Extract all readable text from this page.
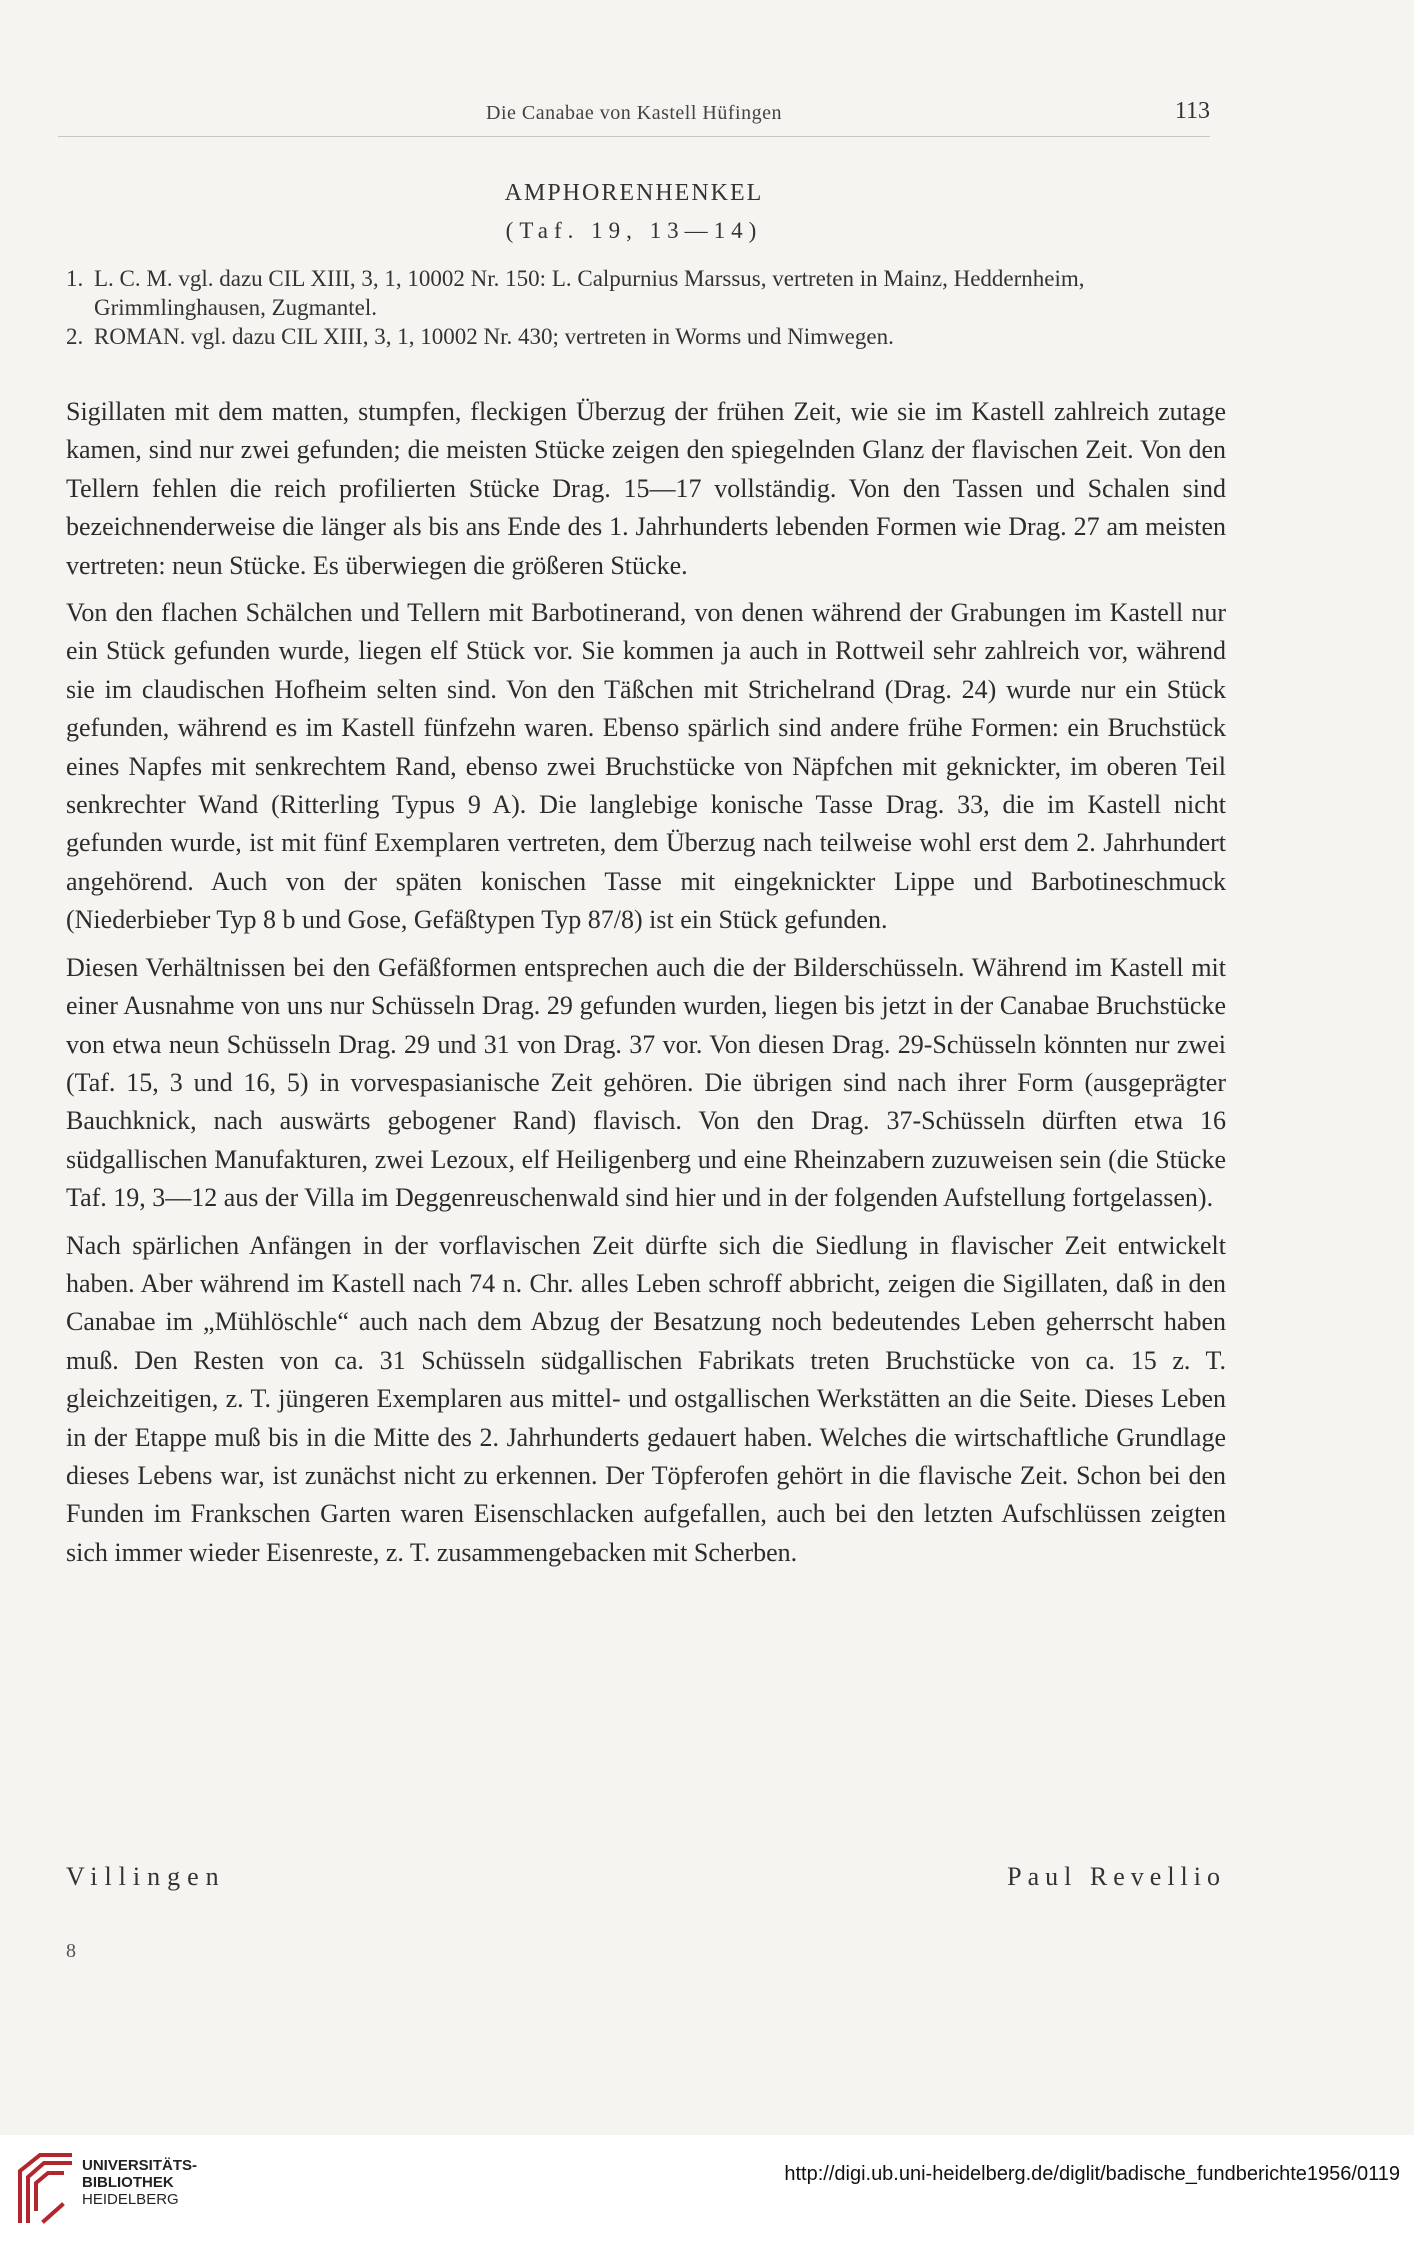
Die Canabae von Kastell Hüfingen	113
AMPHORENHENKEL
(Taf. 19, 13—14)

1. L. C. M. vgl. dazu CIL XIII, 3, 1, 10002 Nr. 150: L. Calpurnius Marssus, vertreten in Mainz, Heddernheim, Grimmlinghausen, Zugmantel.

2. ROMAN. vgl. dazu CIL XIII, 3, 1, 10002 Nr. 430; vertreten in Worms und Nimwegen.

Sigillaten mit dem matten, stumpfen, fleckigen Überzug der frühen Zeit, wie sie im Kastell zahlreich zutage kamen, sind nur zwei gefunden; die meisten Stücke zeigen den spiegelnden Glanz der flavischen Zeit. Von den Tellern fehlen die reich profilierten Stücke Drag. 15—17 vollständig. Von den Tassen und Schalen sind bezeichnenderweise die länger als bis ans Ende des 1. Jahrhunderts lebenden Formen wie Drag. 27 am meisten vertreten: neun Stücke. Es überwiegen die größeren Stücke.

Von den flachen Schälchen und Tellern mit Barbotinerand, von denen während der Grabungen im Kastell nur ein Stück gefunden wurde, liegen elf Stück vor. Sie kommen ja auch in Rottweil sehr zahlreich vor, während sie im claudischen Hofheim selten sind. Von den Täßchen mit Strichelrand (Drag. 24) wurde nur ein Stück gefunden, während es im Kastell fünfzehn waren. Ebenso spärlich sind andere frühe Formen: ein Bruchstück eines Napfes mit senkrechtem Rand, ebenso zwei Bruchstücke von Näpfchen mit geknickter, im oberen Teil senkrechter Wand (Ritterling Typus 9 A). Die langlebige konische Tasse Drag. 33, die im Kastell nicht gefunden wurde, ist mit fünf Exemplaren vertreten, dem Überzug nach teilweise wohl erst dem 2. Jahrhundert angehörend. Auch von der späten konischen Tasse mit eingeknickter Lippe und Barbotineschmuck (Niederbieber Typ 8 b und Gose, Gefäßtypen Typ 87/8) ist ein Stück gefunden.

Diesen Verhältnissen bei den Gefäßformen entsprechen auch die der Bilderschüsseln. Während im Kastell mit einer Ausnahme von uns nur Schüsseln Drag. 29 gefunden wurden, liegen bis jetzt in der Canabae Bruchstücke von etwa neun Schüsseln Drag. 29 und 31 von Drag. 37 vor. Von diesen Drag. 29-Schüsseln könnten nur zwei (Taf. 15, 3 und 16, 5) in vorvespasianische Zeit gehören. Die übrigen sind nach ihrer Form (ausgeprägter Bauchknick, nach auswärts gebogener Rand) flavisch. Von den Drag. 37-Schüsseln dürften etwa 16 südgallischen Manufakturen, zwei Lezoux, elf Heiligenberg und eine Rheinzabern zuzuweisen sein (die Stücke Taf. 19, 3—12 aus der Villa im Deggenreuschenwald sind hier und in der folgenden Aufstellung fortgelassen).

Nach spärlichen Anfängen in der vorflavischen Zeit dürfte sich die Siedlung in flavischer Zeit entwickelt haben. Aber während im Kastell nach 74 n. Chr. alles Leben schroff abbricht, zeigen die Sigillaten, daß in den Canabae im „Mühlöschle“ auch nach dem Abzug der Besatzung noch bedeutendes Leben geherrscht haben muß. Den Resten von ca. 31 Schüsseln südgallischen Fabrikats treten Bruchstücke von ca. 15 z. T. gleichzeitigen, z. T. jüngeren Exemplaren aus mittel- und ostgallischen Werkstätten an die Seite. Dieses Leben in der Etappe muß bis in die Mitte des 2. Jahrhunderts gedauert haben. Welches die wirtschaftliche Grundlage dieses Lebens war, ist zunächst nicht zu erkennen. Der Töpferofen gehört in die flavische Zeit. Schon bei den Funden im Frankschen Garten waren Eisenschlacken aufgefallen, auch bei den letzten Aufschlüssen zeigten sich immer wieder Eisenreste, z. T. zusammengebacken mit Scherben.

Villingen	Paul Revellio
8
UNIVERSITÄTS-
BIBLIOTHEK
HEIDELBERG
http://digi.ub.uni-heidelberg.de/diglit/badische_fundberichte1956/0119
